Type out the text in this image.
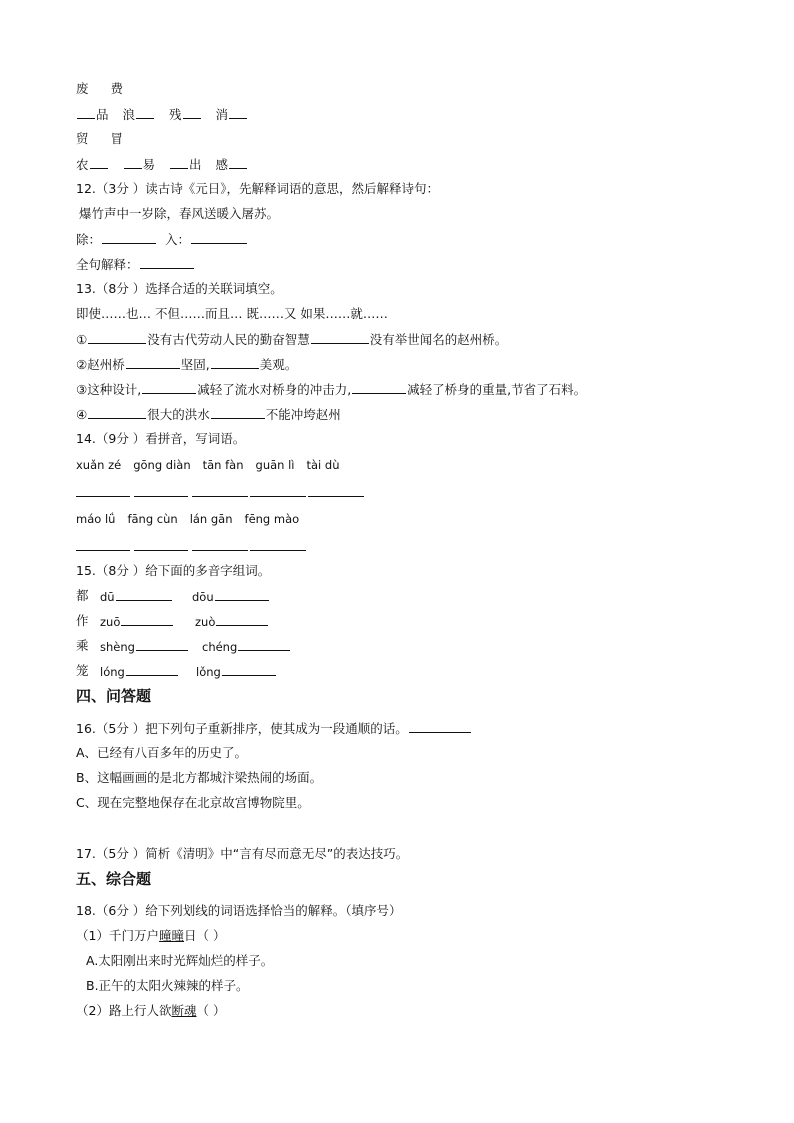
废 费
品 浪	残	消
贸 冒
农	易	出 感
12.（3分 ）读古诗《元日》，先解释词语的意思，然后解释诗句：
爆竹声中一岁除，春风送暖入屠苏。
除：	入：
全句解释：
13.（8分 ）选择合适的关联词填空。
即使……也… 不但……而且… 既……又 如果……就……
①	没有古代劳动人民的勤奋智慧	没有举世闻名的赵州桥。
②赵州桥	坚固,	美观。
③这种设计,	减轻了流水对桥身的冲击力,	减轻了桥身的重量,节省了石料。
④	很大的洪水	不能冲垮赵州
14.（9分 ）看拼音，写词语。
xuǎn zé gōng diàn tān fàn guān lì tài dù
máo lǘ fāng cùn lán gān fēng mào
15.（8分 ）给下面的多音字组词。
都 dū	dōu
作 zuō	zuò
乘 shèng	chéng
笼 lóng	lǒng
四、问答题
16.（5分 ）把下列句子重新排序，使其成为一段通顺的话。
A、已经有八百多年的历史了。
B、这幅画画的是北方都城汴梁热闹的场面。
C、现在完整地保存在北京故宫博物院里。
17.（5分 ）简析《清明》中“言有尽而意无尽”的表达技巧。
五、综合题
18.（6分 ）给下列划线的词语选择恰当的解释。（填序号）
（1）千门万户曈曈日（ ）
A.太阳刚出来时光辉灿烂的样子。
B.正午的太阳火辣辣的样子。
（2）路上行人欲断魂（ ）
